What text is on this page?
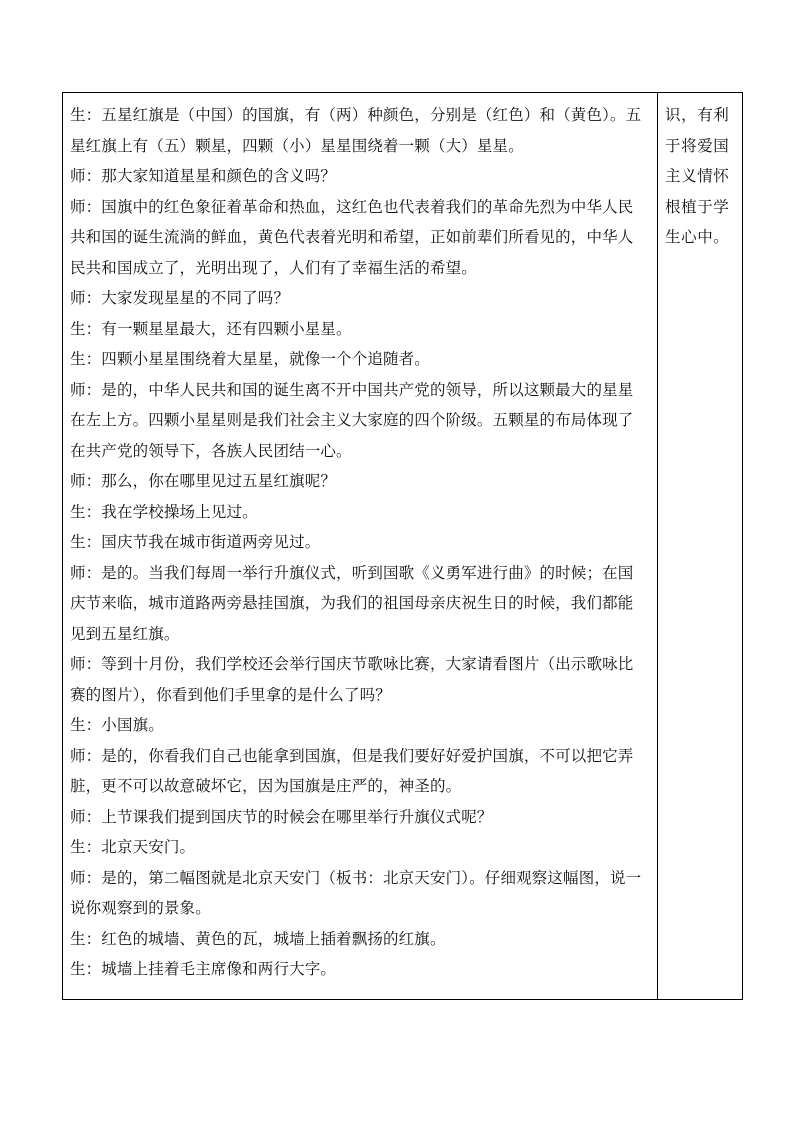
生：五星红旗是（中国）的国旗，有（两）种颜色，分别是（红色）和（黄色）。五
星红旗上有（五）颗星，四颗（小）星星围绕着一颗（大）星星。
师：那大家知道星星和颜色的含义吗？
师：国旗中的红色象征着革命和热血，这红色也代表着我们的革命先烈为中华人民
共和国的诞生流淌的鲜血，黄色代表着光明和希望，正如前辈们所看见的，中华人
民共和国成立了，光明出现了，人们有了幸福生活的希望。
师：大家发现星星的不同了吗？
生：有一颗星星最大，还有四颗小星星。
生：四颗小星星围绕着大星星，就像一个个追随者。
师：是的，中华人民共和国的诞生离不开中国共产党的领导，所以这颗最大的星星
在左上方。四颗小星星则是我们社会主义大家庭的四个阶级。五颗星的布局体现了
在共产党的领导下，各族人民团结一心。
师：那么，你在哪里见过五星红旗呢？
生：我在学校操场上见过。
生：国庆节我在城市街道两旁见过。
师：是的。当我们每周一举行升旗仪式，听到国歌《义勇军进行曲》的时候；在国
庆节来临，城市道路两旁悬挂国旗，为我们的祖国母亲庆祝生日的时候，我们都能
见到五星红旗。
师：等到十月份，我们学校还会举行国庆节歌咏比赛，大家请看图片（出示歌咏比
赛的图片），你看到他们手里拿的是什么了吗？
生：小国旗。
师：是的，你看我们自己也能拿到国旗，但是我们要好好爱护国旗，不可以把它弄
脏，更不可以故意破坏它，因为国旗是庄严的，神圣的。
师：上节课我们提到国庆节的时候会在哪里举行升旗仪式呢？
生：北京天安门。
师：是的，第二幅图就是北京天安门（板书：北京天安门）。仔细观察这幅图，说一
说你观察到的景象。
生：红色的城墙、黄色的瓦，城墙上插着飘扬的红旗。
生：城墙上挂着毛主席像和两行大字。
识，有利
于将爱国
主义情怀
根植于学
生心中。
